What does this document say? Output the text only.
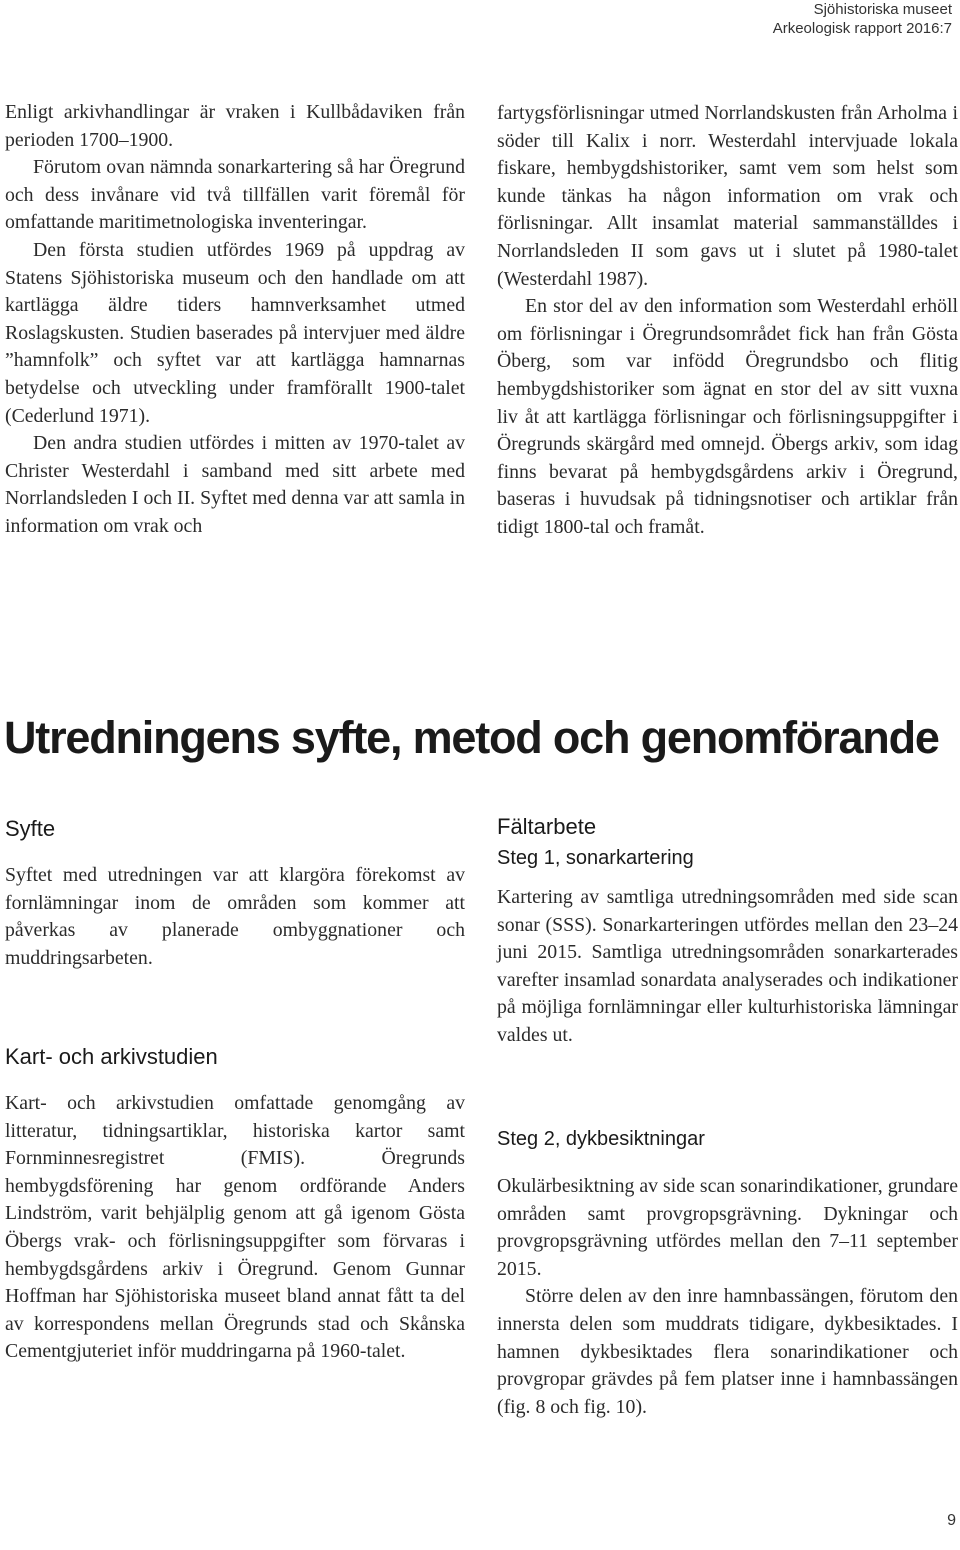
Sjöhistoriska museet
Arkeologisk rapport 2016:7

Enligt arkivhandlingar är vraken i Kullbådaviken från perioden 1700–1900.

Förutom ovan nämnda sonarkartering så har Öregrund och dess invånare vid två tillfällen varit föremål för omfattande maritimetnologiska inventeringar.

Den första studien utfördes 1969 på uppdrag av Statens Sjöhistoriska museum och den handlade om att kartlägga äldre tiders hamnverksamhet utmed Roslagskusten. Studien baserades på intervjuer med äldre ”hamnfolk” och syftet var att kartlägga hamnarnas betydelse och utveckling under framförallt 1900-talet (Cederlund 1971).

Den andra studien utfördes i mitten av 1970-talet av Christer Westerdahl i samband med sitt arbete med Norrlandsleden I och II. Syftet med denna var att samla in information om vrak och

fartygsförlisningar utmed Norrlandskusten från Arholma i söder till Kalix i norr. Westerdahl intervjuade lokala fiskare, hembygdshistoriker, samt vem som helst som kunde tänkas ha någon information om vrak och förlisningar. Allt insamlat material sammanställdes i Norrlandsleden II som gavs ut i slutet på 1980-talet (Westerdahl 1987).

En stor del av den information som Westerdahl erhöll om förlisningar i Öregrundsområdet fick han från Gösta Öberg, som var infödd Öregrundsbo och flitig hembygdshistoriker som ägnat en stor del av sitt vuxna liv åt att kartlägga förlisningar och förlisningsuppgifter i Öregrunds skärgård med omnejd. Öbergs arkiv, som idag finns bevarat på hembygdsgårdens arkiv i Öregrund, baseras i huvudsak på tidningsnotiser och artiklar från tidigt 1800-tal och framåt.

Utredningens syfte, metod och genomförande
Syfte

Syftet med utredningen var att klargöra förekomst av fornlämningar inom de områden som kommer att påverkas av planerade ombyggnationer och muddringsarbeten.

Kart- och arkivstudien

Kart- och arkivstudien omfattade genomgång av litteratur, tidningsartiklar, historiska kartor samt Fornminnesregistret (FMIS). Öregrunds hembygdsförening har genom ordförande Anders Lindström, varit behjälplig genom att gå igenom Gösta Öbergs vrak- och förlisningsuppgifter som förvaras i hembygdsgårdens arkiv i Öregrund. Genom Gunnar Hoffman har Sjöhistoriska museet bland annat fått ta del av korrespondens mellan Öregrunds stad och Skånska Cementgjuteriet inför muddringarna på 1960-talet.

Fältarbete
Steg 1, sonarkartering

Kartering av samtliga utredningsområden med side scan sonar (SSS). Sonarkarteringen utfördes mellan den 23–24 juni 2015. Samtliga utredningsområden sonarkarterades varefter insamlad sonardata analyserades och indikationer på möjliga fornlämningar eller kulturhistoriska lämningar valdes ut.

Steg 2, dykbesiktningar

Okulärbesiktning av side scan sonarindikationer, grundare områden samt provgropsgrävning. Dykningar och provgropsgrävning utfördes mellan den 7–11 september 2015.

Större delen av den inre hamnbassängen, förutom den innersta delen som muddrats tidigare, dykbesiktades. I hamnen dykbesiktades flera sonarindikationer och provgropar grävdes på fem platser inne i hamnbassängen (fig. 8 och fig. 10).

9
